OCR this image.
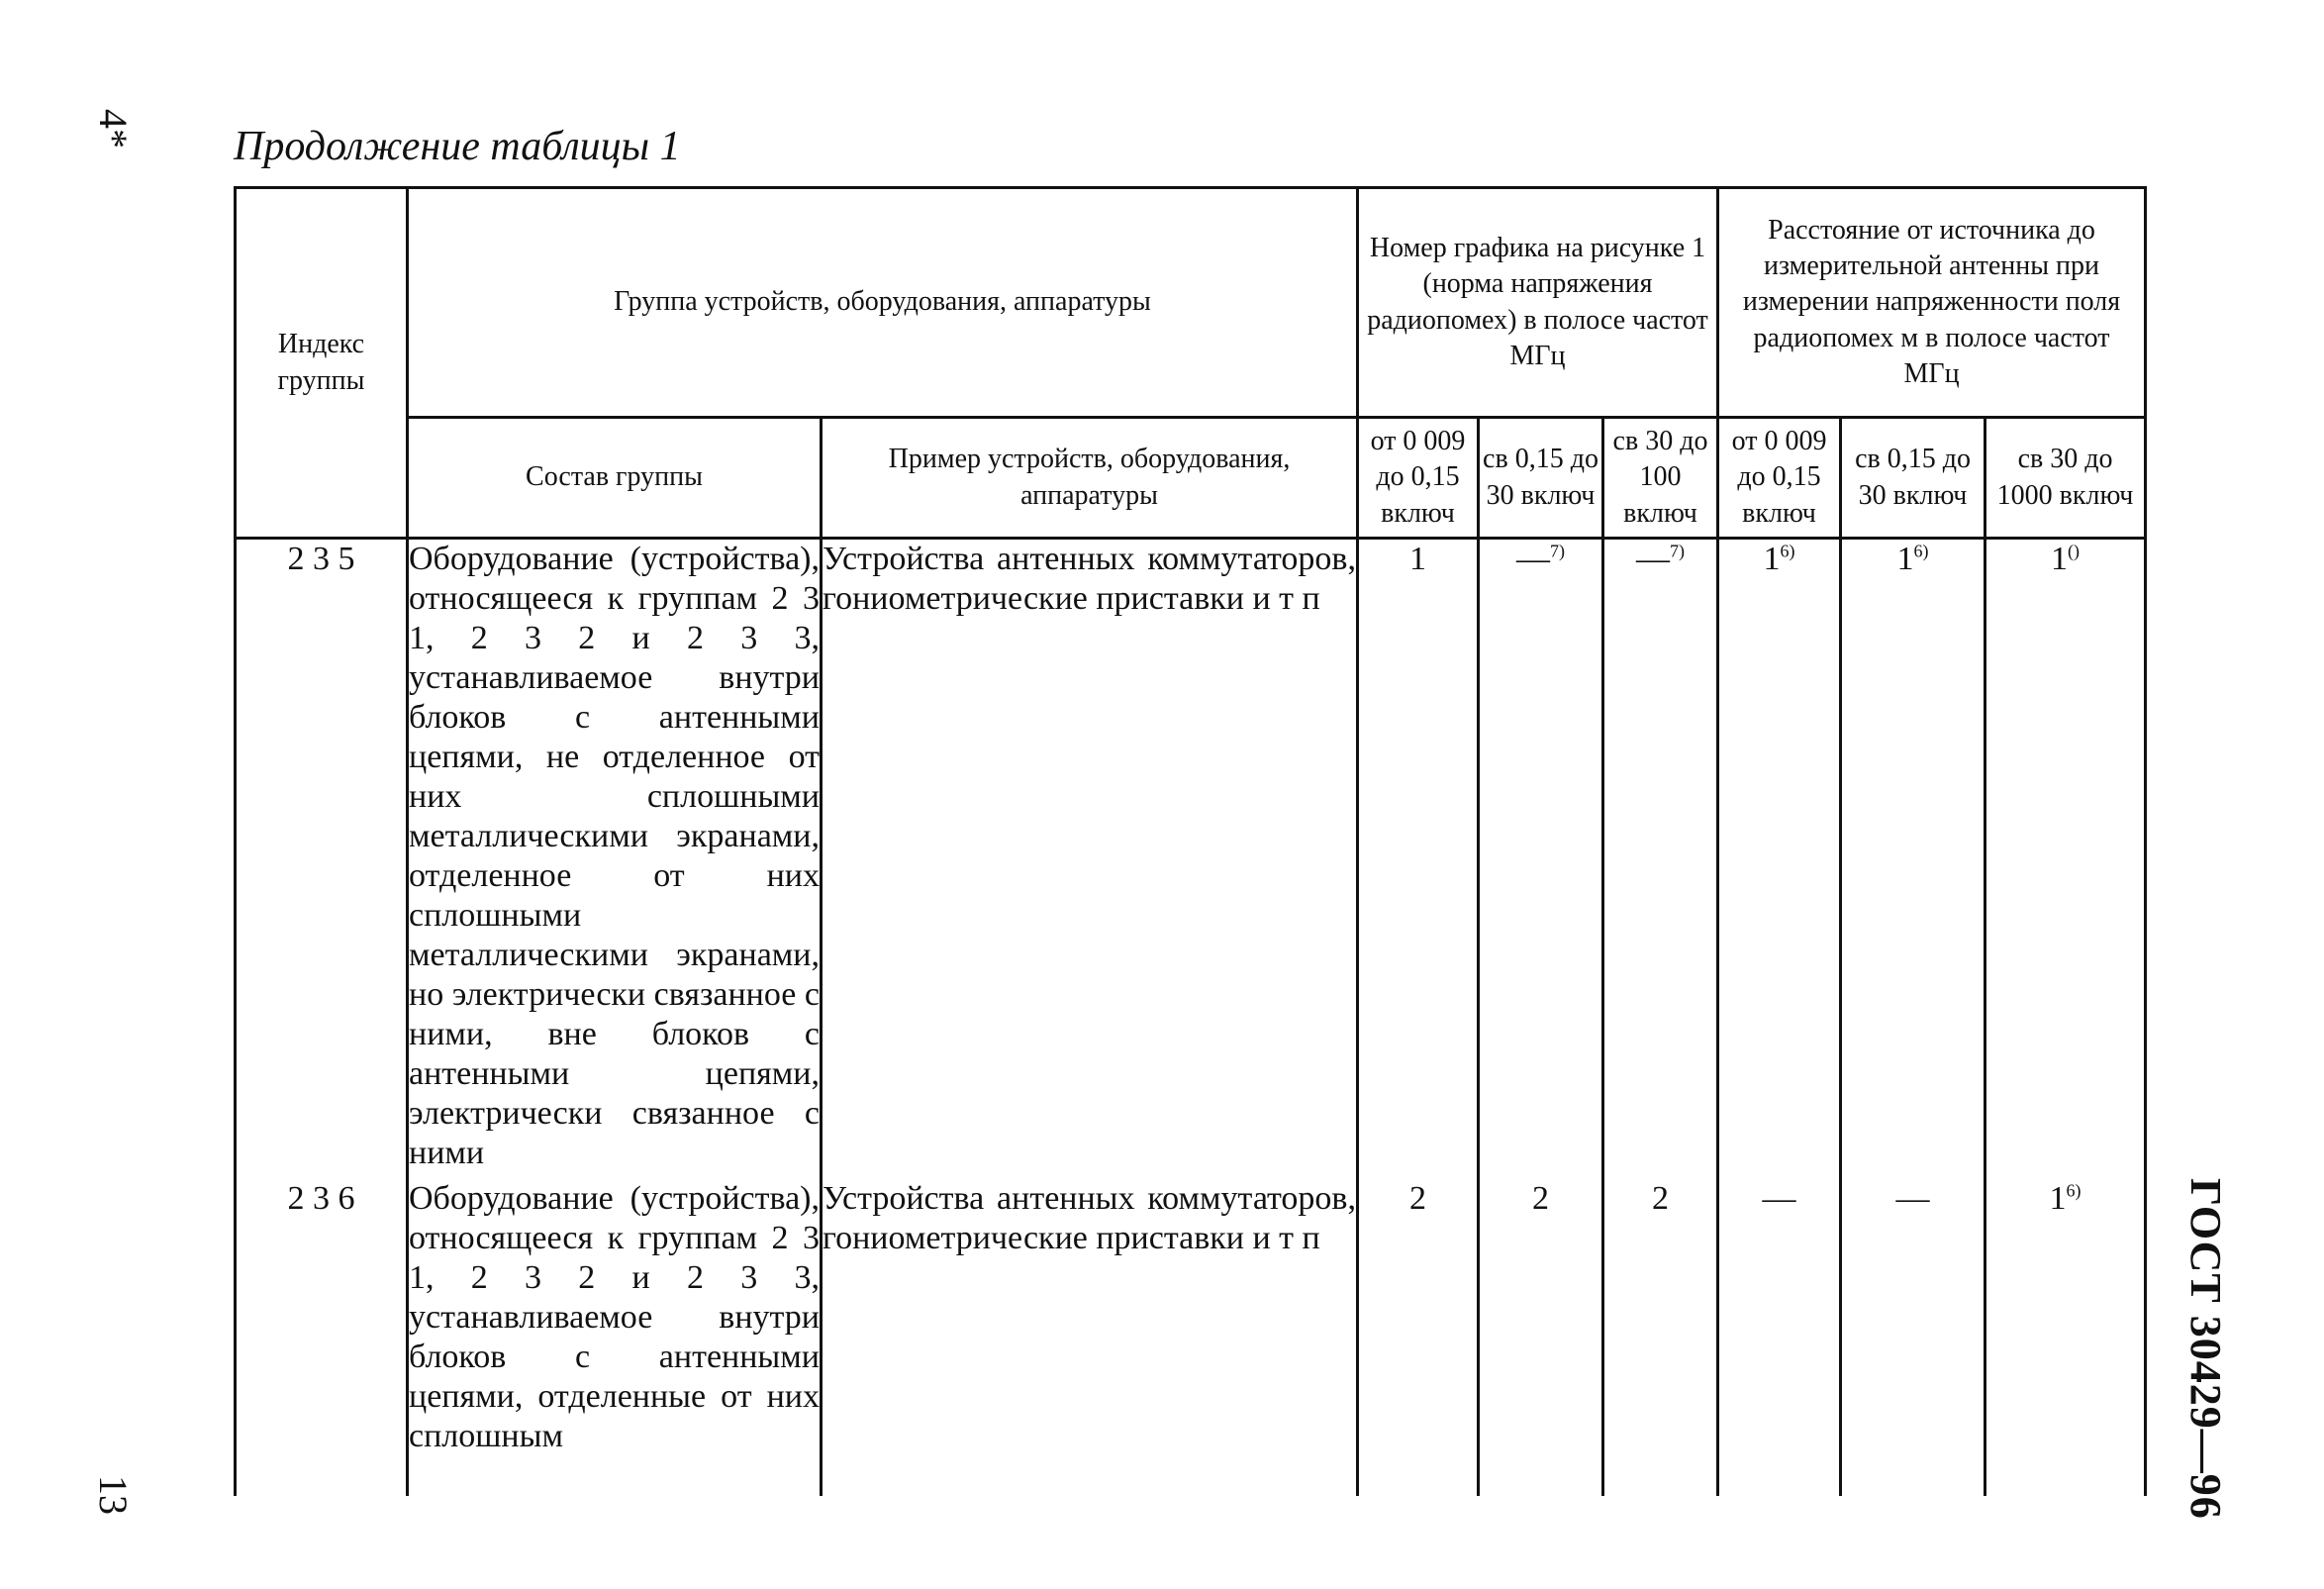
4*
13	ГОСТ 30429—96
Продолжение таблицы 1
Индекс группы	Группа устройств, оборудования, аппаратуры		Номер графика на рисунке 1 (норма напряжения радиопомех) в полосе частот МГц			Расстояние от источника до измерительной антенны при измерении напряженности поля радиопомех м в полосе частот МГц		

	Состав группы	Пример устройств, оборудования, аппаратуры	от 0 009 до 0,15 включ	св 0,15 до 30 включ	св 30 до 100 включ	от 0 009 до 0,15 включ	св 0,15 до 30 включ	св 30 до 1000 включ

2 3 5	Оборудование (устройства), относящееся к группам 2 3 1, 2 3 2 и 2 3 3, устанавливаемое внутри блоков с антенными цепями, не отделенное от них сплошными металлическими экранами, отделенное от них сплошными металлическими экранами, но электрически связанное с ними, вне блоков с антенными цепями, электрически связанное с ними	Устройства антенных коммутаторов, гониометрические приставки и т п	1	—$^{7)}$	—$^{7)}$	1$^{6)}$	1$^{6)}$	1()
2 3 6	Оборудование (устройства), относящееся к группам 2 3 1, 2 3 2 и 2 3 3, устанавливаемое внутри блоков с антенными цепями, отделенные от них сплошным	Устройства антенных коммутаторов, гониометрические приставки и т п	2	2	2	—	—	1$^{6)}$
